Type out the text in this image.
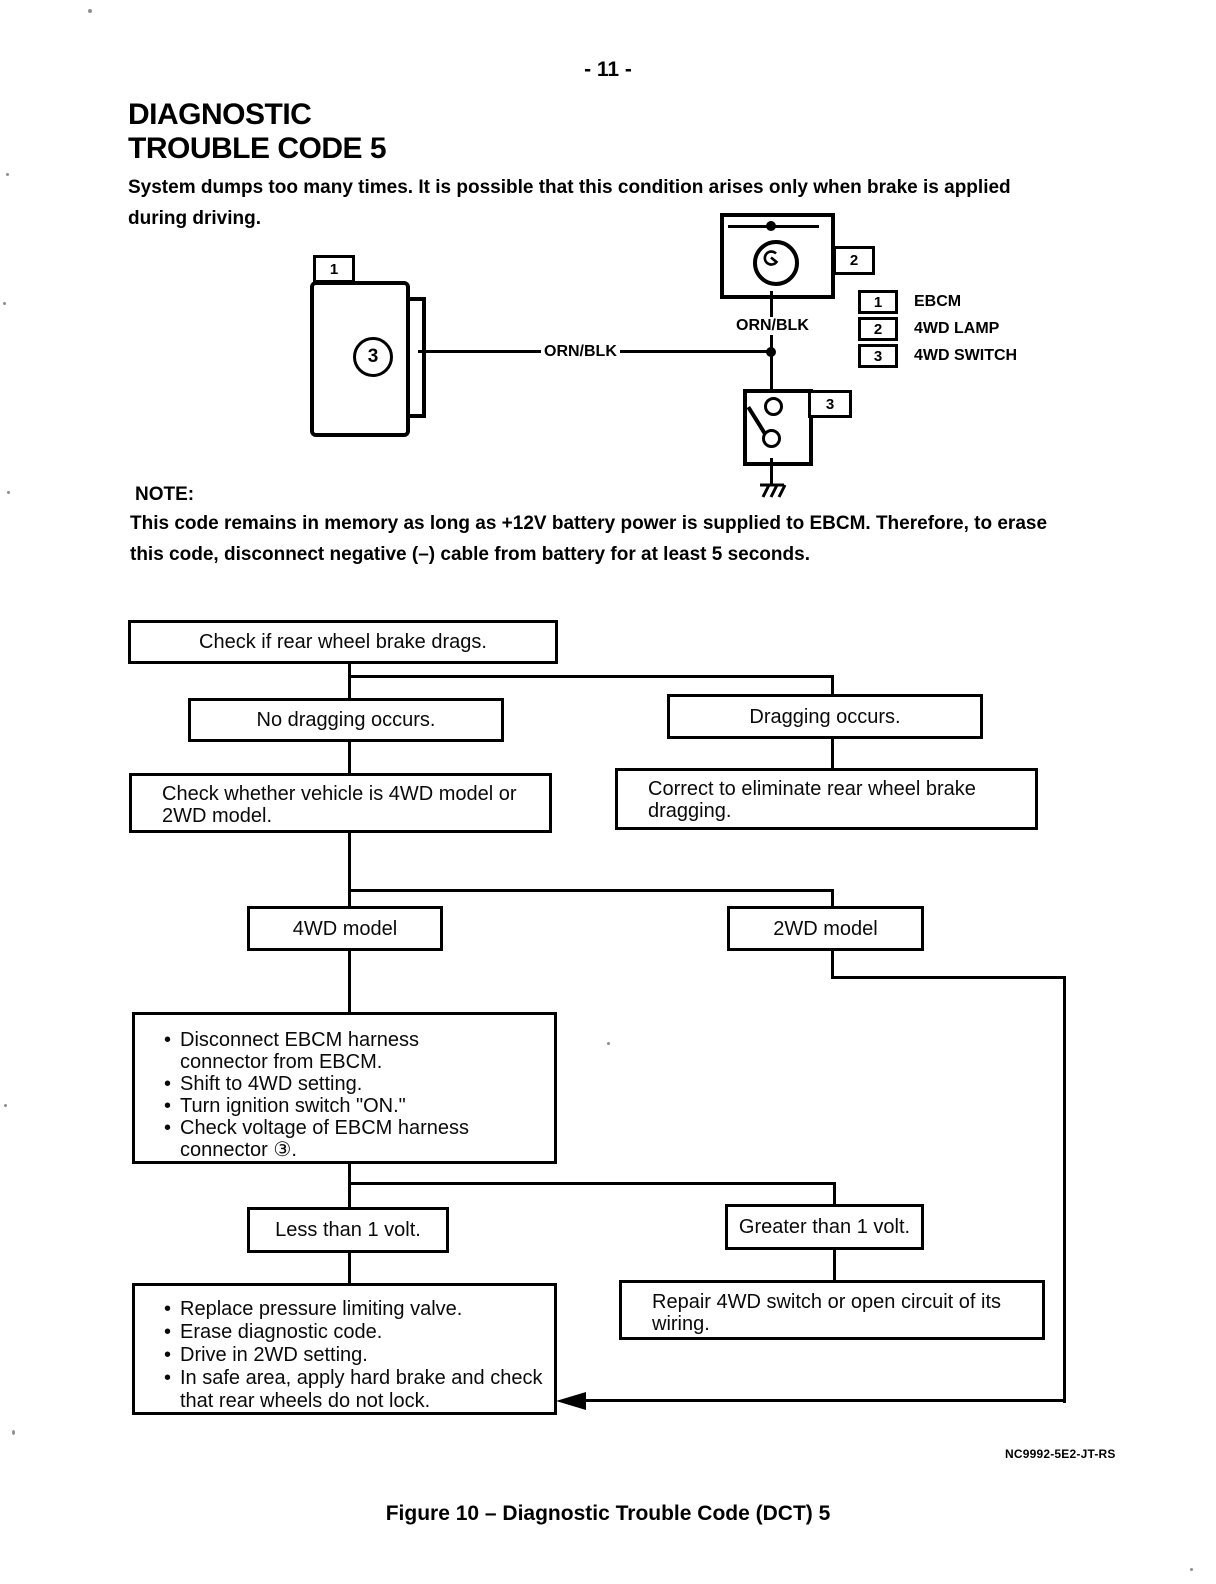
- 11 -
DIAGNOSTIC
TROUBLE CODE 5
System dumps too many times. It is possible that this condition arises only when brake is applied during driving.
1
3	ORN/BLK
2
ORN/BLK
3
1	EBCM
2	4WD LAMP
3	4WD SWITCH
NOTE:
This code remains in memory as long as +12V battery power is supplied to EBCM. Therefore, to erase this code, disconnect negative (–) cable from battery for at least 5 seconds.
Check if rear wheel brake drags.
No dragging occurs.	Dragging occurs.
Check whether vehicle is 4WD model or 2WD model.
Correct to eliminate rear wheel brake dragging.
4WD model	2WD model
• Disconnect EBCM harness connector from EBCM.
• Shift to 4WD setting.
• Turn ignition switch "ON."
• Check voltage of EBCM harness connector ③.
Less than 1 volt.	Greater than 1 volt.
• Replace pressure limiting valve.
• Erase diagnostic code.
• Drive in 2WD setting.
• In safe area, apply hard brake and check that rear wheels do not lock.
Repair 4WD switch or open circuit of its wiring.
NC9992-5E2-JT-RS
Figure 10 – Diagnostic Trouble Code (DCT) 5
